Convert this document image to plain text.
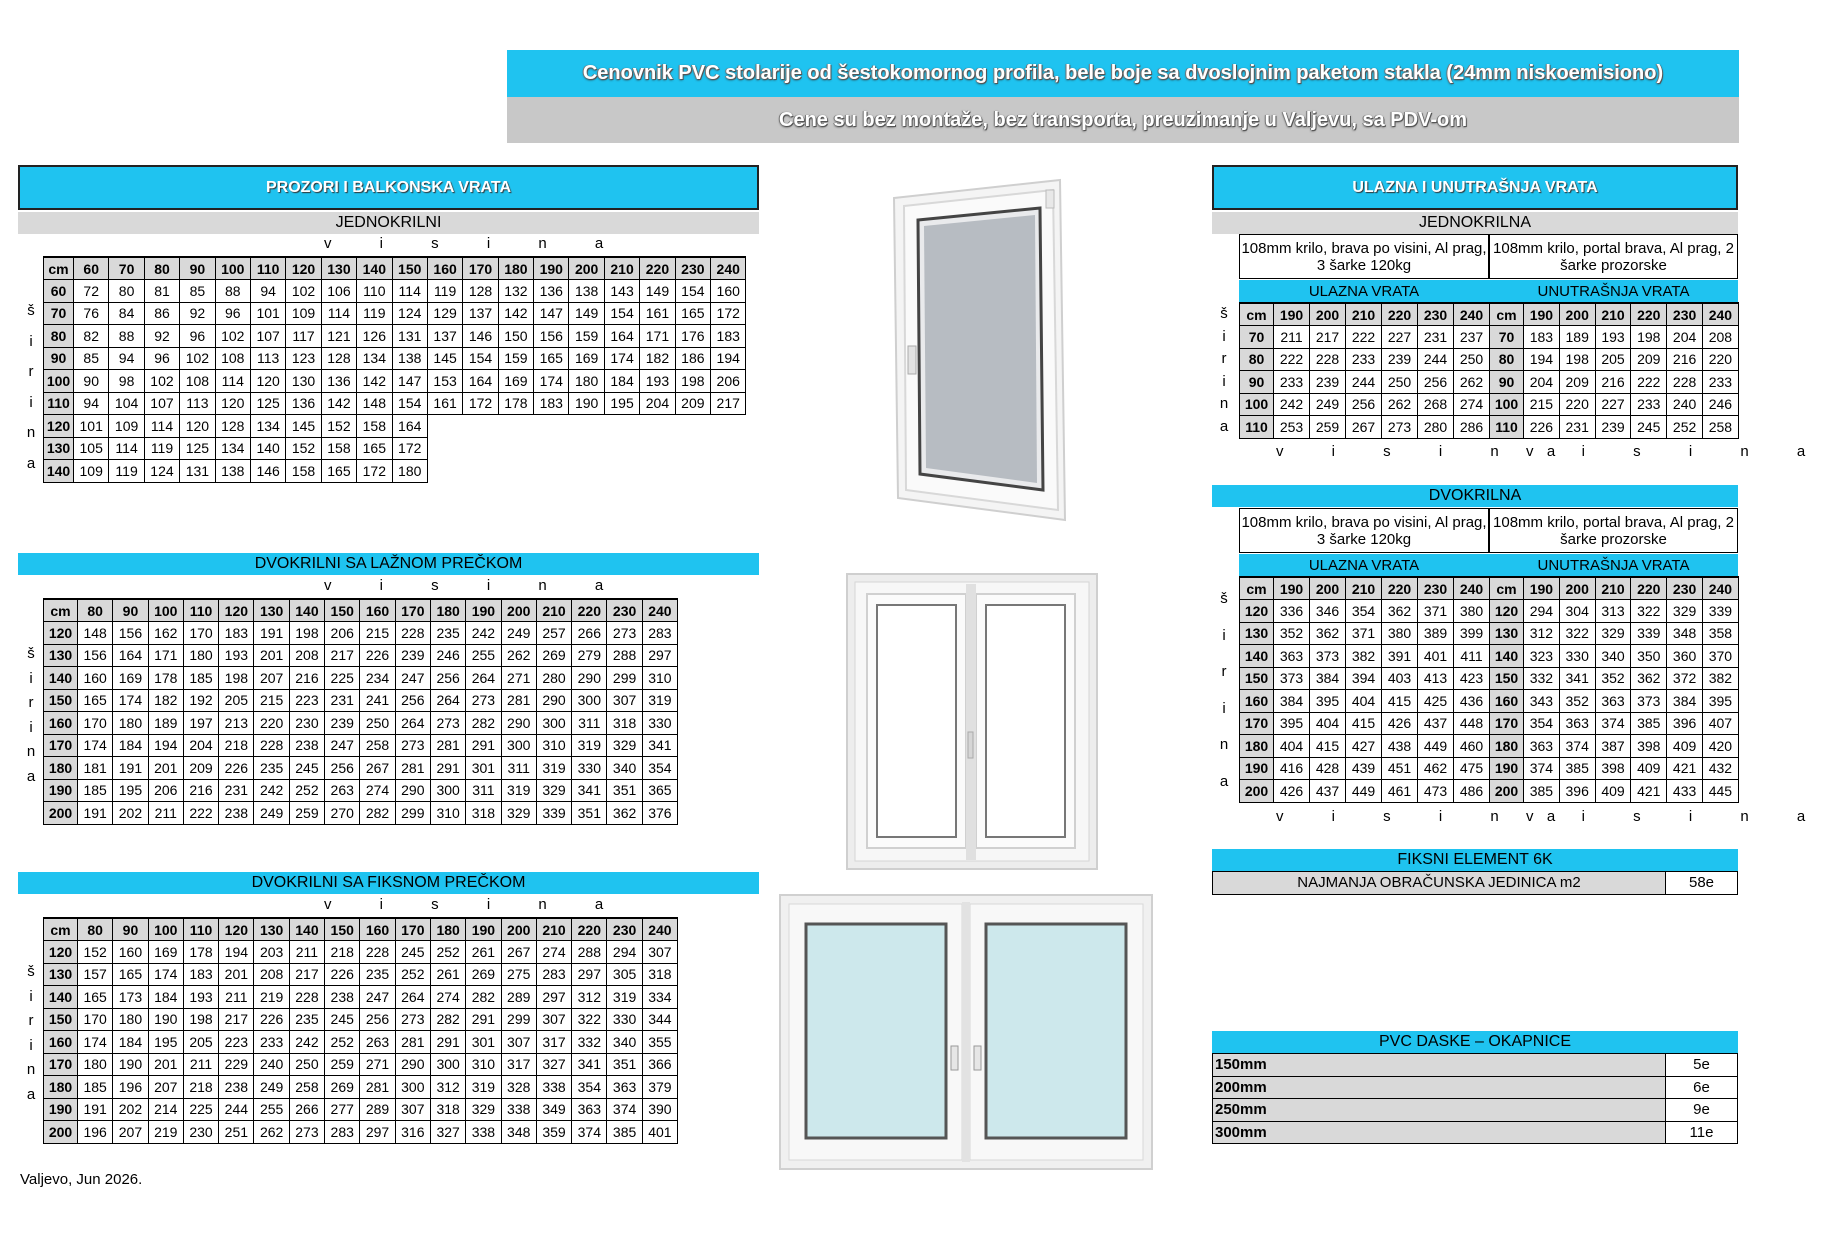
Cenovnik PVC stolarije od šestokomornog profila, bele boje sa dvoslojnim paketom stakla (24mm niskoemisiono)
Cene su bez montaže, bez transporta, preuzimanje u Valjevu, sa PDV-om
PROZORI I BALKONSKA VRATA
JEDNOKRILNI
v i s i n a
š
i
r
i
n
a
cm	60	70	80	90	100	110	120	130	140	150	160	170	180	190	200	210	220	230	240
60	72	80	81	85	88	94	102	106	110	114	119	128	132	136	138	143	149	154	160
70	76	84	86	92	96	101	109	114	119	124	129	137	142	147	149	154	161	165	172
80	82	88	92	96	102	107	117	121	126	131	137	146	150	156	159	164	171	176	183
90	85	94	96	102	108	113	123	128	134	138	145	154	159	165	169	174	182	186	194
100	90	98	102	108	114	120	130	136	142	147	153	164	169	174	180	184	193	198	206
110	94	104	107	113	120	125	136	142	148	154	161	172	178	183	190	195	204	209	217
120	101	109	114	120	128	134	145	152	158	164									
130	105	114	119	125	134	140	152	158	165	172									
140	109	119	124	131	138	146	158	165	172	180									
DVOKRILNI SA LAŽNOM PREČKOM
v i s i n a
š
i
r
i
n
a
cm	80	90	100	110	120	130	140	150	160	170	180	190	200	210	220	230	240
120	148	156	162	170	183	191	198	206	215	228	235	242	249	257	266	273	283
130	156	164	171	180	193	201	208	217	226	239	246	255	262	269	279	288	297
140	160	169	178	185	198	207	216	225	234	247	256	264	271	280	290	299	310
150	165	174	182	192	205	215	223	231	241	256	264	273	281	290	300	307	319
160	170	180	189	197	213	220	230	239	250	264	273	282	290	300	311	318	330
170	174	184	194	204	218	228	238	247	258	273	281	291	300	310	319	329	341
180	181	191	201	209	226	235	245	256	267	281	291	301	311	319	330	340	354
190	185	195	206	216	231	242	252	263	274	290	300	311	319	329	341	351	365
200	191	202	211	222	238	249	259	270	282	299	310	318	329	339	351	362	376
DVOKRILNI SA FIKSNOM PREČKOM
v i s i n a
š
i
r
i
n
a
cm	80	90	100	110	120	130	140	150	160	170	180	190	200	210	220	230	240
120	152	160	169	178	194	203	211	218	228	245	252	261	267	274	288	294	307
130	157	165	174	183	201	208	217	226	235	252	261	269	275	283	297	305	318
140	165	173	184	193	211	219	228	238	247	264	274	282	289	297	312	319	334
150	170	180	190	198	217	226	235	245	256	273	282	291	299	307	322	330	344
160	174	184	195	205	223	233	242	252	263	281	291	301	307	317	332	340	355
170	180	190	201	211	229	240	250	259	271	290	300	310	317	327	341	351	366
180	185	196	207	218	238	249	258	269	281	300	312	319	328	338	354	363	379
190	191	202	214	225	244	255	266	277	289	307	318	329	338	349	363	374	390
200	196	207	219	230	251	262	273	283	297	316	327	338	348	359	374	385	401
ULAZNA I UNUTRAŠNJA VRATA
JEDNOKRILNA
108mm krilo, brava po visini, Al prag, 3 šarke 120kg
108mm krilo, portal brava, Al prag, 2 šarke prozorske
ULAZNA VRATA	UNUTRAŠNJA VRATA
š
i
r
i
n
a
cm	190	200	210	220	230	240	cm	190	200	210	220	230	240
70	211	217	222	227	231	237	70	183	189	193	198	204	208
80	222	228	233	239	244	250	80	194	198	205	209	216	220
90	233	239	244	250	256	262	90	204	209	216	222	228	233
100	242	249	256	262	268	274	100	215	220	227	233	240	246
110	253	259	267	273	280	286	110	226	231	239	245	252	258
v i s i n a
v i s i n a
DVOKRILNA
108mm krilo, brava po visini, Al prag, 3 šarke 120kg
108mm krilo, portal brava, Al prag, 2 šarke prozorske
ULAZNA VRATA	UNUTRAŠNJA VRATA
š
i
r
i
n
a
cm	190	200	210	220	230	240	cm	190	200	210	220	230	240
120	336	346	354	362	371	380	120	294	304	313	322	329	339
130	352	362	371	380	389	399	130	312	322	329	339	348	358
140	363	373	382	391	401	411	140	323	330	340	350	360	370
150	373	384	394	403	413	423	150	332	341	352	362	372	382
160	384	395	404	415	425	436	160	343	352	363	373	384	395
170	395	404	415	426	437	448	170	354	363	374	385	396	407
180	404	415	427	438	449	460	180	363	374	387	398	409	420
190	416	428	439	451	462	475	190	374	385	398	409	421	432
200	426	437	449	461	473	486	200	385	396	409	421	433	445
v i s i n a
v i s i n a
FIKSNI ELEMENT 6K
NAJMANJA OBRAČUNSKA JEDINICA m2	58e
PVC DASKE – OKAPNICE
150mm	5e
200mm	6e
250mm	9e
300mm	11e
Valjevo, Jun 2026.
